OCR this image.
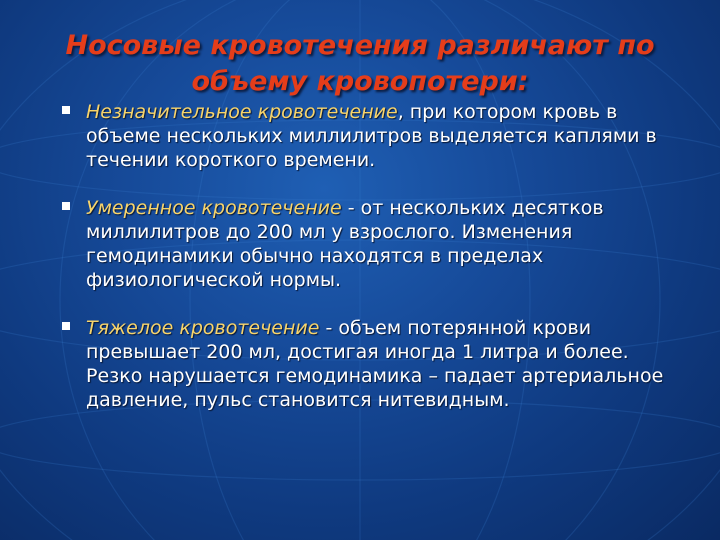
Носовые кровотечения различают по объему кровопотери:
Незначительное кровотечение, при котором кровь в объеме нескольких миллилитров выделяется каплями в течении короткого времени.
Умеренное кровотечение - от нескольких десятков миллилитров до 200 мл у взрослого. Изменения гемодинамики обычно находятся в пределах физиологической нормы.
Тяжелое кровотечение - объем потерянной крови превышает 200 мл, достигая иногда 1 литра и более. Резко нарушается гемодинамика – падает артериальное давление, пульс становится нитевидным.
